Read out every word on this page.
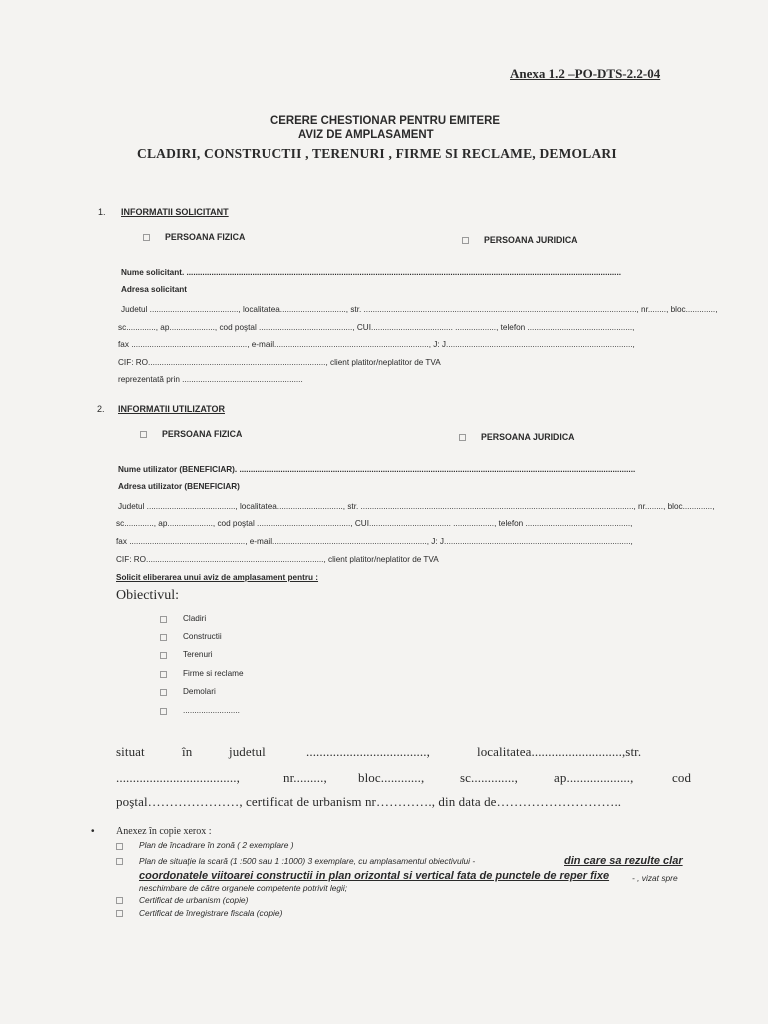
Anexa 1.2 –PO-DTS-2.2-04
CERERE CHESTIONAR PENTRU EMITERE
AVIZ DE AMPLASAMENT
CLADIRI, CONSTRUCTII , TERENURI , FIRME SI RECLAME, DEMOLARI
1. INFORMATII SOLICITANT
PERSOANA FIZICA	PERSOANA JURIDICA
Nume solicitant. ...............................................................................................................................................................................................
Adresa solicitant
Judetul ......................................., localitatea............................., str. ........................................................................................................................, nr........, bloc.............,
sc............., ap...................., cod poştal ........................................., CUI.................................... .................., telefon ..............................................,
fax ..................................................., e-mail...................................................................., J: J..................................................................................,
CIF: RO.............................................................................., client platitor/neplatitor de TVA
reprezentată prin .....................................................
2. INFORMATII UTILIZATOR
PERSOANA FIZICA	PERSOANA JURIDICA
Nume utilizator (BENEFICIAR). ..............................................................................................................................................................................
Adresa utilizator (BENEFICIAR)
Judetul ......................................., localitatea............................., str. ........................................................................................................................, nr........, bloc.............,
sc............., ap...................., cod poştal ........................................., CUI.................................... .................., telefon ..............................................,
fax ..................................................., e-mail...................................................................., J: J..................................................................................,
CIF: RO.............................................................................., client platitor/neplatitor de TVA
Solicit eliberarea unui aviz de amplasament pentru :
Obiectivul:
Cladiri
Constructii
Terenuri
Firme si reclame
Demolari
.........................
situat	în	judetul	....................................,	localitatea...........................,str.
....................................,	nr........., bloc............,	sc.............,	ap...................,	cod
poştal…………………, certificat de urbanism nr…………., din data de………………………..
• Anexez în copie xerox :
Plan de încadrare în zonă ( 2 exemplare )
Plan de situaţie la scară (1 :500 sau 1 :1000) 3 exemplare, cu amplasamentul obiectivului -	din care sa rezulte clar
coordonatele viitoarei constructii in plan orizontal si vertical fata de punctele de reper fixe	- , vizat spre
neschimbare de către organele competente potrivit legii;
Certificat de urbanism (copie)
Certificat de înregistrare fiscala (copie)
